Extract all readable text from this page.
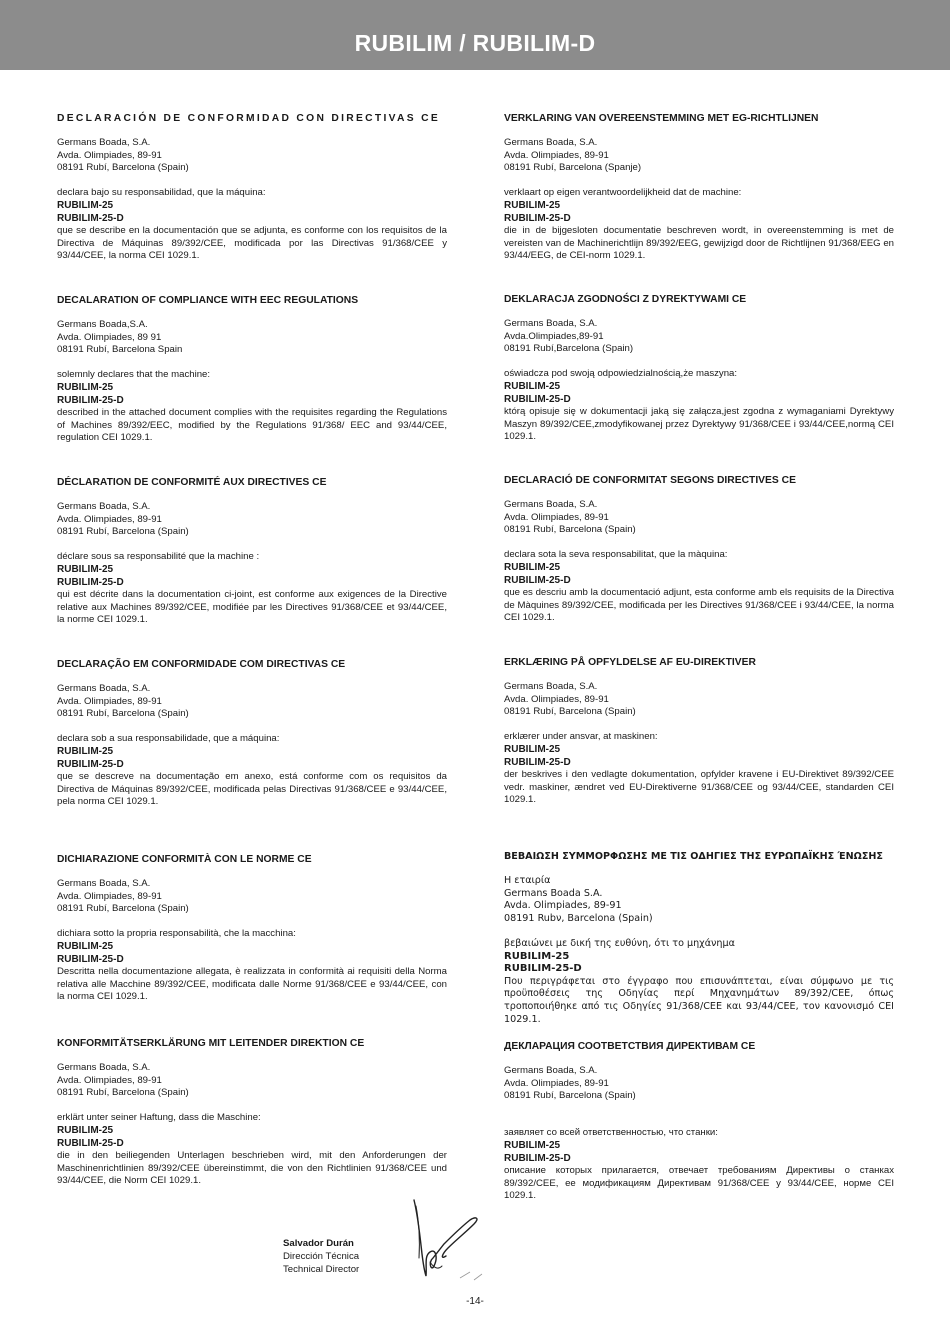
RUBILIM / RUBILIM-D
DECLARACIÓN DE CONFORMIDAD CON DIRECTIVAS CE
Germans Boada, S.A.
Avda. Olimpiades, 89-91
08191 Rubí, Barcelona (Spain)
declara bajo su responsabilidad, que la máquina:
RUBILIM-25
RUBILIM-25-D
que se describe en la documentación que se adjunta, es conforme con los requisitos de la Directiva de Máquinas 89/392/CEE, modificada por las Directivas 91/368/CEE y 93/44/CEE, la norma CEI 1029.1.
DECALARATION OF COMPLIANCE WITH EEC REGULATIONS
Germans Boada,S.A.
Avda. Olimpiades, 89 91
08191 Rubí, Barcelona Spain
solemnly declares that the machine:
RUBILIM-25
RUBILIM-25-D
described in the attached document complies with the requisites regarding the Regulations of Machines 89/392/EEC, modified by the Regulations 91/368/ EEC and 93/44/CEE, regulation CEI 1029.1.
DÉCLARATION DE CONFORMITÉ AUX DIRECTIVES CE
Germans Boada, S.A.
Avda. Olimpiades, 89-91
08191 Rubí, Barcelona (Spain)
déclare sous sa responsabilité que la machine :
RUBILIM-25
RUBILIM-25-D
qui est décrite dans la documentation ci-joint, est conforme aux exigences de la Directive relative aux Machines 89/392/CEE, modifiée par les Directives 91/368/CEE et 93/44/CEE, la norme CEI 1029.1.
DECLARAÇÃO EM CONFORMIDADE COM DIRECTIVAS CE
Germans Boada, S.A.
Avda. Olimpiades, 89-91
08191 Rubí, Barcelona (Spain)
declara sob a sua responsabilidade, que a máquina:
RUBILIM-25
RUBILIM-25-D
que se descreve na documentação em anexo, está conforme com os requisitos da Directiva de Máquinas 89/392/CEE, modificada pelas Directivas 91/368/CEE e 93/44/CEE, pela norma CEI 1029.1.
DICHIARAZIONE CONFORMITÀ CON LE NORME CE
Germans Boada, S.A.
Avda. Olimpiades, 89-91
08191 Rubí, Barcelona (Spain)
dichiara sotto la propria responsabilità, che la macchina:
RUBILIM-25
RUBILIM-25-D
Descritta nella documentazione allegata, è realizzata in conformità ai requisiti della Norma relativa alle Macchine 89/392/CEE, modificata dalle Norme 91/368/CEE e 93/44/CEE, con la norma CEI 1029.1.
KONFORMITÄTSERKLÄRUNG MIT LEITENDER DIREKTION CE
Germans Boada, S.A.
Avda. Olimpiades, 89-91
08191 Rubí, Barcelona (Spain)
erklärt unter seiner Haftung, dass die Maschine:
RUBILIM-25
RUBILIM-25-D
die in den beiliegenden Unterlagen beschrieben wird, mit den Anforderungen der Maschinenrichtlinien 89/392/CEE übereinstimmt, die von den Richtlinien 91/368/CEE und 93/44/CEE, die Norm CEI 1029.1.
VERKLARING VAN OVEREENSTEMMING MET EG-RICHTLIJNEN
Germans Boada, S.A.
Avda. Olimpiades, 89-91
08191 Rubí, Barcelona (Spanje)
verklaart op eigen verantwoordelijkheid dat de machine:
RUBILIM-25
RUBILIM-25-D
die in de bijgesloten documentatie beschreven wordt, in overeenstemming is met de vereisten van de Machinerichtlijn 89/392/EEG, gewijzigd door de Richtlijnen 91/368/EEG en 93/44/EEG, de CEI-norm 1029.1.
DEKLARACJA ZGODNOŚCI Z DYREKTYWAMI CE
Germans Boada, S.A.
Avda.Olimpiades,89-91
08191 Rubí,Barcelona (Spain)
oświadcza pod swoją odpowiedzialnością,że maszyna:
RUBILIM-25
RUBILIM-25-D
którą opisuje się w dokumentacji jaką się załącza,jest zgodna z wymaganiami Dyrektywy Maszyn 89/392/CEE,zmodyfikowanej przez Dyrektywy 91/368/CEE i 93/44/CEE,normą CEI 1029.1.
DECLARACIÓ DE CONFORMITAT SEGONS DIRECTIVES CE
Germans Boada, S.A.
Avda. Olimpiades, 89-91
08191 Rubí, Barcelona (Spain)
declara sota la seva responsabilitat, que la màquina:
RUBILIM-25
RUBILIM-25-D
que es descriu amb la documentació adjunt, esta conforme amb els requisits de la Directiva de Màquines 89/392/CEE, modificada per les Directives 91/368/CEE i 93/44/CEE, la norma CEI 1029.1.
ERKLÆRING PÅ OPFYLDELSE AF EU-DIREKTIVER
Germans Boada, S.A.
Avda. Olimpiades, 89-91
08191 Rubí, Barcelona (Spain)
erklærer under ansvar, at maskinen:
RUBILIM-25
RUBILIM-25-D
der beskrives i den vedlagte dokumentation, opfylder kravene i EU-Direktivet 89/392/CEE vedr. maskiner, ændret ved EU-Direktiverne 91/368/CEE og 93/44/CEE, standarden CEI 1029.1.
ΒΕΒΑΙΩΣΗ ΣΥΜΜΟΡΦΩΣΗΣ ΜΕ ΤΙΣ ΟΔΗΓΙΕΣ ΤΗΣ ΕΥΡΩΠΑΪΚΗΣ ΈΝΩΣΗΣ
Η εταιρία
Germans Boada S.A.
Avda. Olimpiades, 89-91
08191 Rubν, Barcelona (Spain)
βεβαιώνει με δική της ευθύνη, ότι το μηχάνημα
RUBILIM-25
RUBILIM-25-D
Που περιγράφεται στο έγγραφο που επισυνάπτεται, είναι σύμφωνο με τις προϋποθέσεις της Οδηγίας περί Μηχανημάτων 89/392/CEE, όπως τροποποιήθηκε από τις Οδηγίες 91/368/CEE και 93/44/CEE, τον κανονισμό CEI 1029.1.
ДЕКЛАРАЦИЯ СООТВЕТСТВИЯ ДИРЕКТИВАМ СЕ
Germans Boada, S.A.
Avda. Olimpiades, 89-91
08191 Rubí, Barcelona (Spain)
заявляет со всей ответственностью, что станки:
RUBILIM-25
RUBILIM-25-D
описание которых прилагается, отвечает требованиям Директивы о станках 89/392/CEE, ее модификациям Директивам 91/368/CEE у 93/44/CEE, норме CEI 1029.1.
Salvador Durán
Dirección Técnica
Technical Director
-14-
